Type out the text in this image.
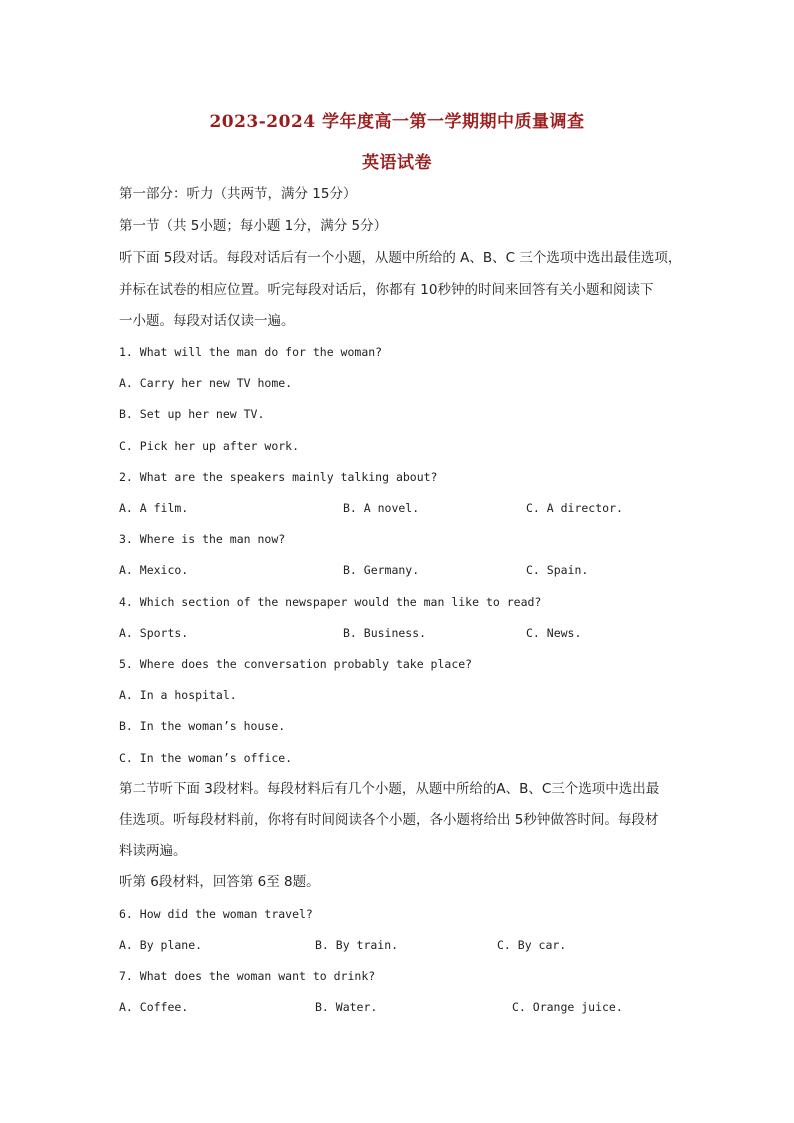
2023-2024 学年度高一第一学期期中质量调查
英语试卷
第一部分：听力（共两节，满分 15分）
第一节（共 5小题；每小题 1分，满分 5分）
听下面 5段对话。每段对话后有一个小题，从题中所给的 A、B、C 三个选项中选出最佳选项，
并标在试卷的相应位置。听完每段对话后，你都有 10秒钟的时间来回答有关小题和阅读下
一小题。每段对话仅读一遍。
1. What will the man do for the woman?
A. Carry her new TV home.
B. Set up her new TV.
C. Pick her up after work.
2. What are the speakers mainly talking about?
A. A film.	B. A novel.	C. A director.
3. Where is the man now?
A. Mexico.	B. Germany.	C. Spain.
4. Which section of the newspaper would the man like to read?
A. Sports.	B. Business.	C. News.
5. Where does the conversation probably take place?
A. In a hospital.
B. In the woman’s house.
C. In the woman’s office.
第二节听下面 3段材料。每段材料后有几个小题，从题中所给的A、B、C三个选项中选出最
佳选项。听每段材料前，你将有时间阅读各个小题，各小题将给出 5秒钟做答时间。每段材
料读两遍。
听第 6段材料，回答第 6至 8题。
6. How did the woman travel?
A. By plane.	B. By train.	C. By car.
7. What does the woman want to drink?
A. Coffee.	B. Water.	C. Orange juice.
